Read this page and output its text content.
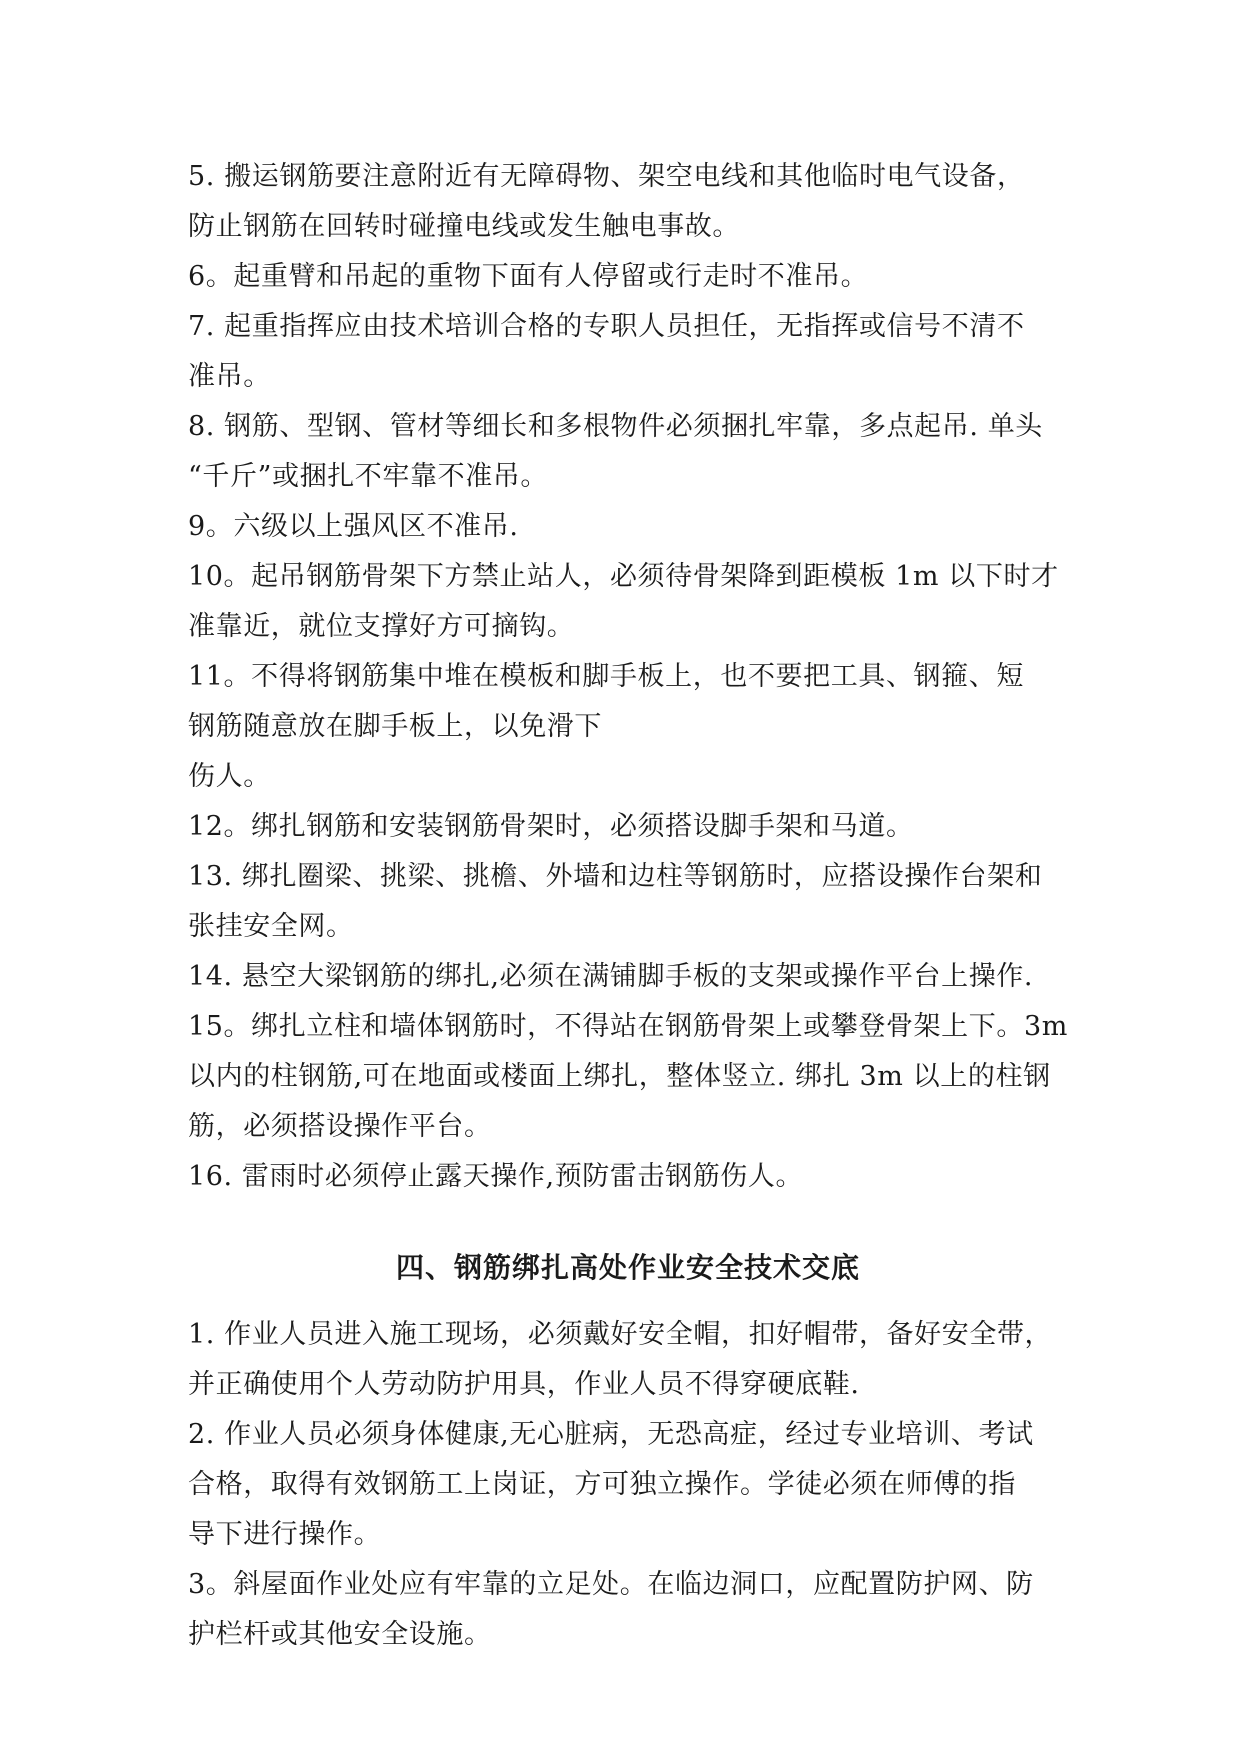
5. 搬运钢筋要注意附近有无障碍物、架空电线和其他临时电气设备，
防止钢筋在回转时碰撞电线或发生触电事故。
6。起重臂和吊起的重物下面有人停留或行走时不准吊。
7. 起重指挥应由技术培训合格的专职人员担任，无指挥或信号不清不
准吊。
8. 钢筋、型钢、管材等细长和多根物件必须捆扎牢靠，多点起吊. 单头
“千斤”或捆扎不牢靠不准吊。
9。六级以上强风区不准吊.
10。起吊钢筋骨架下方禁止站人，必须待骨架降到距模板 1m 以下时才
准靠近，就位支撑好方可摘钩。
11。不得将钢筋集中堆在模板和脚手板上，也不要把工具、钢箍、短
钢筋随意放在脚手板上，以免滑下
伤人。
12。绑扎钢筋和安装钢筋骨架时，必须搭设脚手架和马道。
13. 绑扎圈梁、挑梁、挑檐、外墙和边柱等钢筋时，应搭设操作台架和
张挂安全网。
14. 悬空大梁钢筋的绑扎,必须在满铺脚手板的支架或操作平台上操作.
15。绑扎立柱和墙体钢筋时，不得站在钢筋骨架上或攀登骨架上下。3m
以内的柱钢筋,可在地面或楼面上绑扎，整体竖立. 绑扎 3m 以上的柱钢
筋，必须搭设操作平台。
16. 雷雨时必须停止露天操作,预防雷击钢筋伤人。
四、钢筋绑扎高处作业安全技术交底
1. 作业人员进入施工现场，必须戴好安全帽，扣好帽带，备好安全带，
并正确使用个人劳动防护用具，作业人员不得穿硬底鞋.
2. 作业人员必须身体健康,无心脏病，无恐高症，经过专业培训、考试
合格，取得有效钢筋工上岗证，方可独立操作。学徒必须在师傅的指
导下进行操作。
3。斜屋面作业处应有牢靠的立足处。在临边洞口，应配置防护网、防
护栏杆或其他安全设施。
